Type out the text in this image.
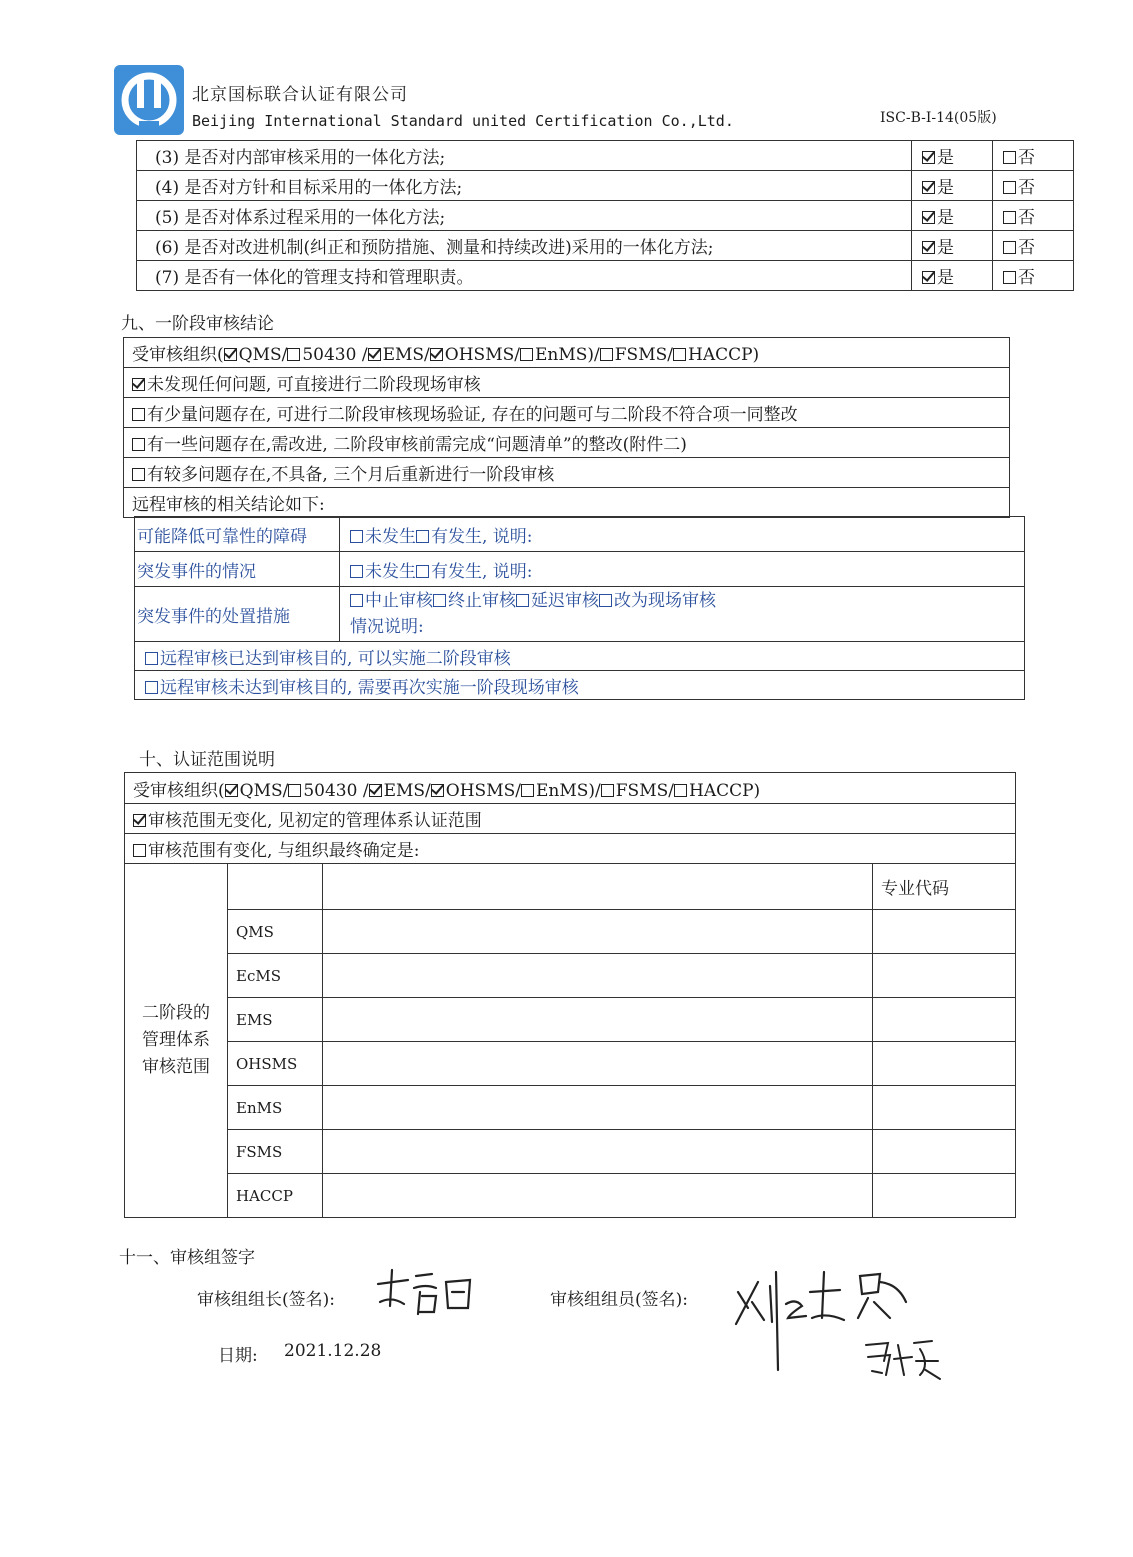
北京国标联合认证有限公司
Beijing International Standard united Certification Co.,Ltd.	ISC-B-I-14(05版)
(3) 是否对内部审核采用的一体化方法;	是	否
(4) 是否对方针和目标采用的一体化方法;	是	否
(5) 是否对体系过程采用的一体化方法;	是	否
(6) 是否对改进机制(纠正和预防措施、测量和持续改进)采用的一体化方法;	是	否
(7) 是否有一体化的管理支持和管理职责。	是	否
九、一阶段审核结论
受审核组织( QMS/ 50430 / EMS/ OHSMS/ EnMS)/ FSMS/ HACCP)
未发现任何问题, 可直接进行二阶段现场审核
有少量问题存在, 可进行二阶段审核现场验证, 存在的问题可与二阶段不符合项一同整改
有一些问题存在,需改进, 二阶段审核前需完成“问题清单”的整改(附件二)
有较多问题存在,不具备, 三个月后重新进行一阶段审核
远程审核的相关结论如下:
可能降低可靠性的障碍	未发生 有发生, 说明:
突发事件的情况	未发生 有发生, 说明:
突发事件的处置措施	中止审核 终止审核 延迟审核 改为现场审核
情况说明:
远程审核已达到审核目的, 可以实施二阶段审核	
远程审核未达到审核目的, 需要再次实施一阶段现场审核	
十、认证范围说明
受审核组织( QMS/ 50430 / EMS/ OHSMS/ EnMS)/ FSMS/ HACCP)			
审核范围无变化, 见初定的管理体系认证范围			
审核范围有变化, 与组织最终确定是:			
二阶段的
管理体系
审核范围			专业代码
	QMS		
	EcMS		
	EMS		
	OHSMS		
	EnMS		
	FSMS		
	HACCP		
十一、审核组签字
审核组组长(签名):	审核组组员(签名):
日期: 2021.12.28
